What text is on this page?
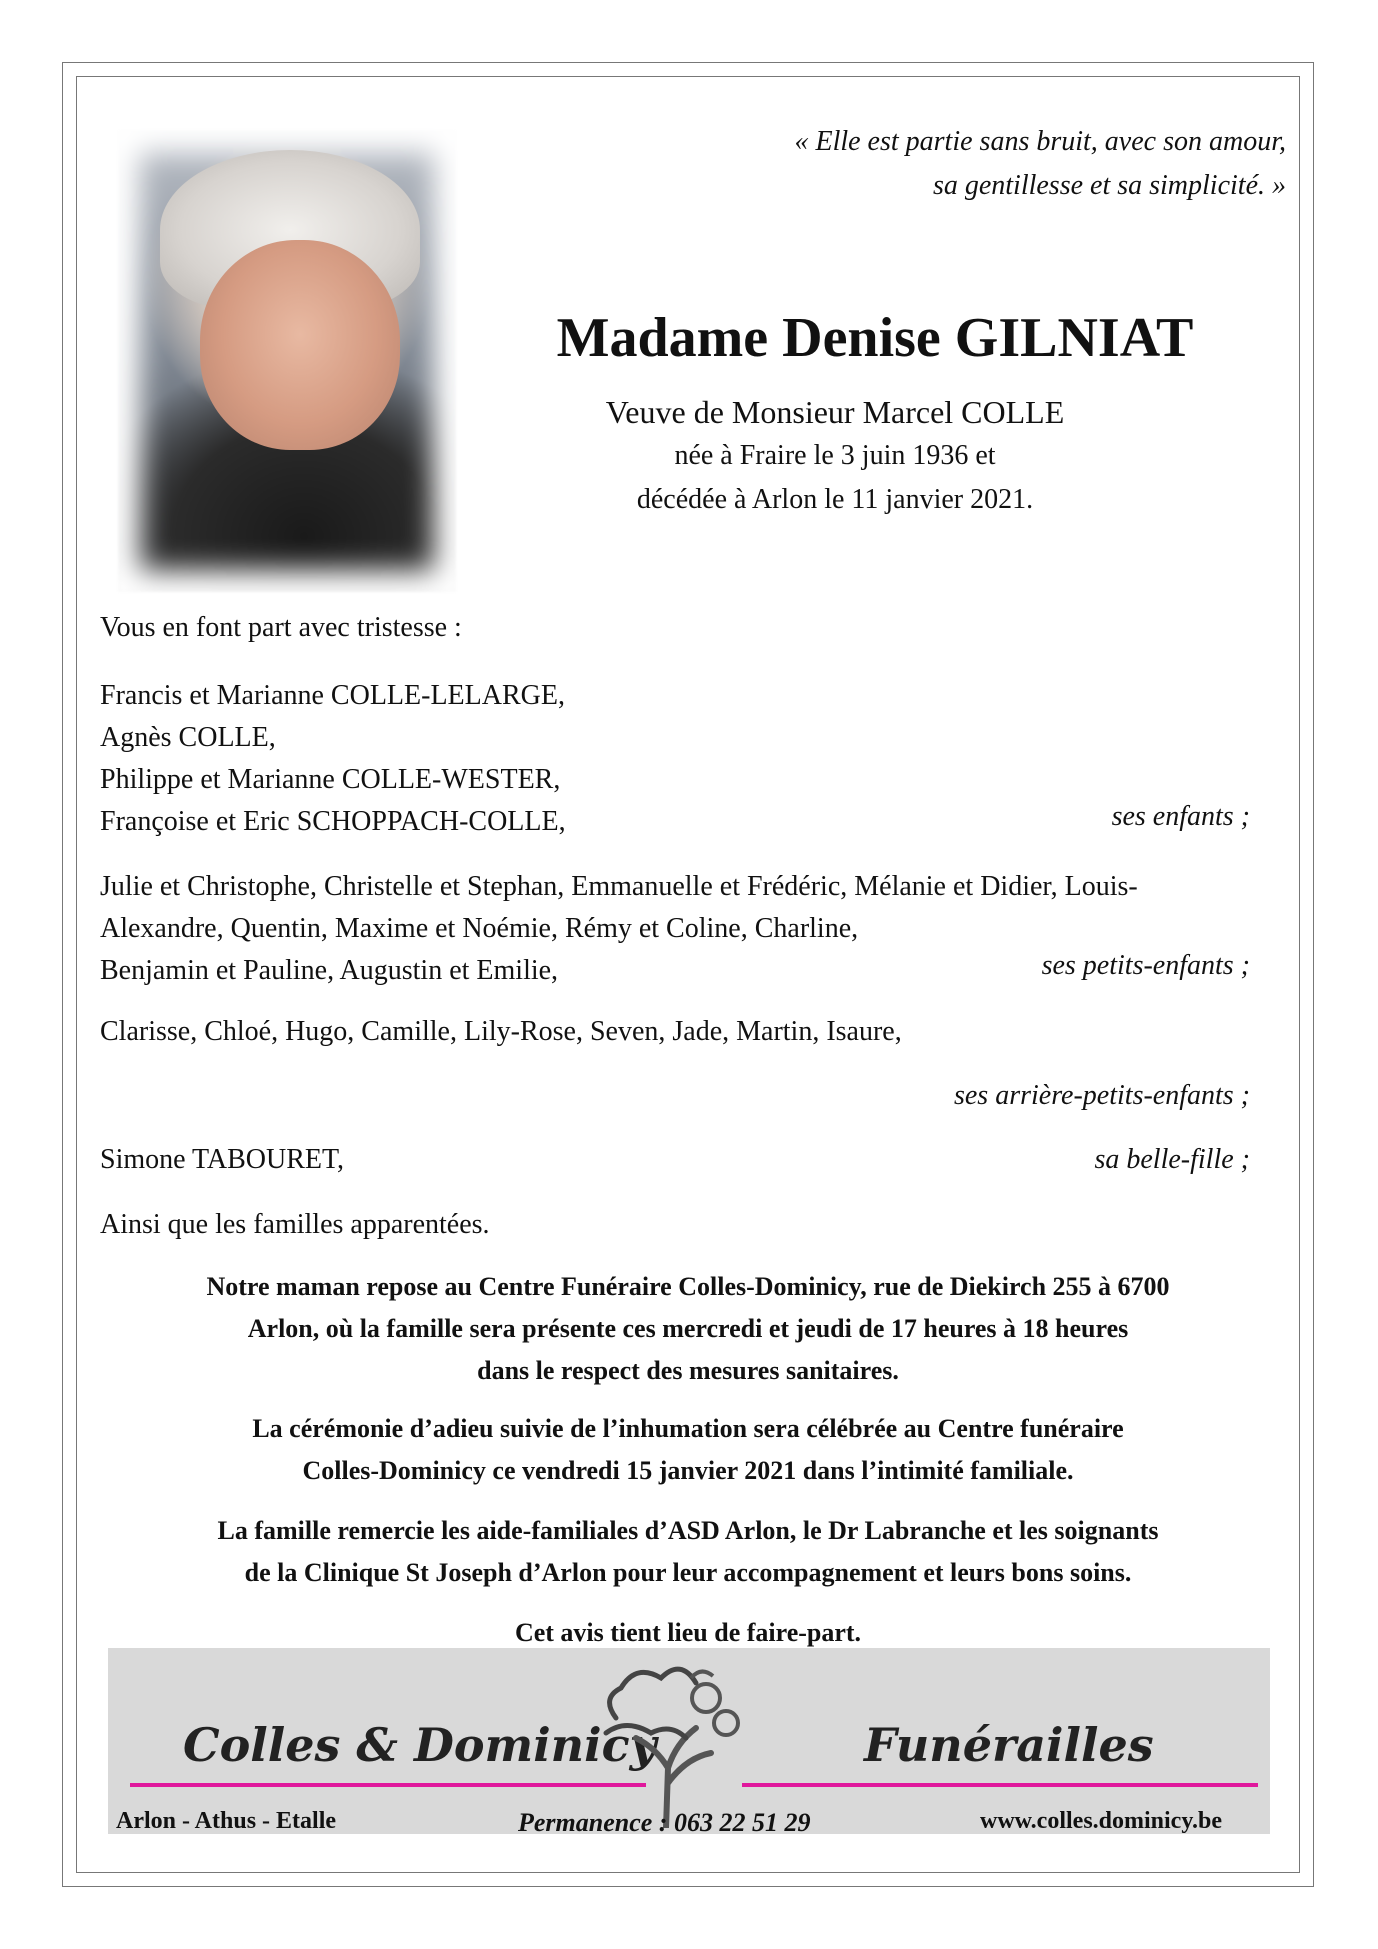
« Elle est partie sans bruit, avec son amour,
sa gentillesse et sa simplicité. »
Madame Denise GILNIAT
Veuve de Monsieur Marcel COLLE
née à Fraire le 3 juin 1936 et
décédée à Arlon le 11 janvier 2021.
Vous en font part avec tristesse :
Francis et Marianne COLLE-LELARGE,
Agnès COLLE,
Philippe et Marianne COLLE-WESTER,
Françoise et Eric SCHOPPACH-COLLE,	ses enfants ;
Julie et Christophe, Christelle et Stephan, Emmanuelle et Frédéric, Mélanie et Didier, Louis-
Alexandre, Quentin, Maxime et Noémie, Rémy et Coline, Charline,
Benjamin et Pauline, Augustin et Emilie,	ses petits-enfants ;
Clarisse, Chloé, Hugo, Camille, Lily-Rose, Seven, Jade, Martin, Isaure,
ses arrière-petits-enfants ;
Simone TABOURET,	sa belle-fille ;
Ainsi que les familles apparentées.
Notre maman repose au Centre Funéraire Colles-Dominicy, rue de Diekirch 255 à 6700
Arlon, où la famille sera présente ces mercredi et jeudi de 17 heures à 18 heures
dans le respect des mesures sanitaires.
La cérémonie d’adieu suivie de l’inhumation sera célébrée au Centre funéraire
Colles-Dominicy ce vendredi 15 janvier 2021 dans l’intimité familiale.
La famille remercie les aide-familiales d’ASD Arlon, le Dr Labranche et les soignants
de la Clinique St Joseph d’Arlon pour leur accompagnement et leurs bons soins.
Cet avis tient lieu de faire-part.
Colles & Dominicy	Funérailles
Arlon - Athus - Etalle	Permanence : 063 22 51 29	www.colles.dominicy.be
